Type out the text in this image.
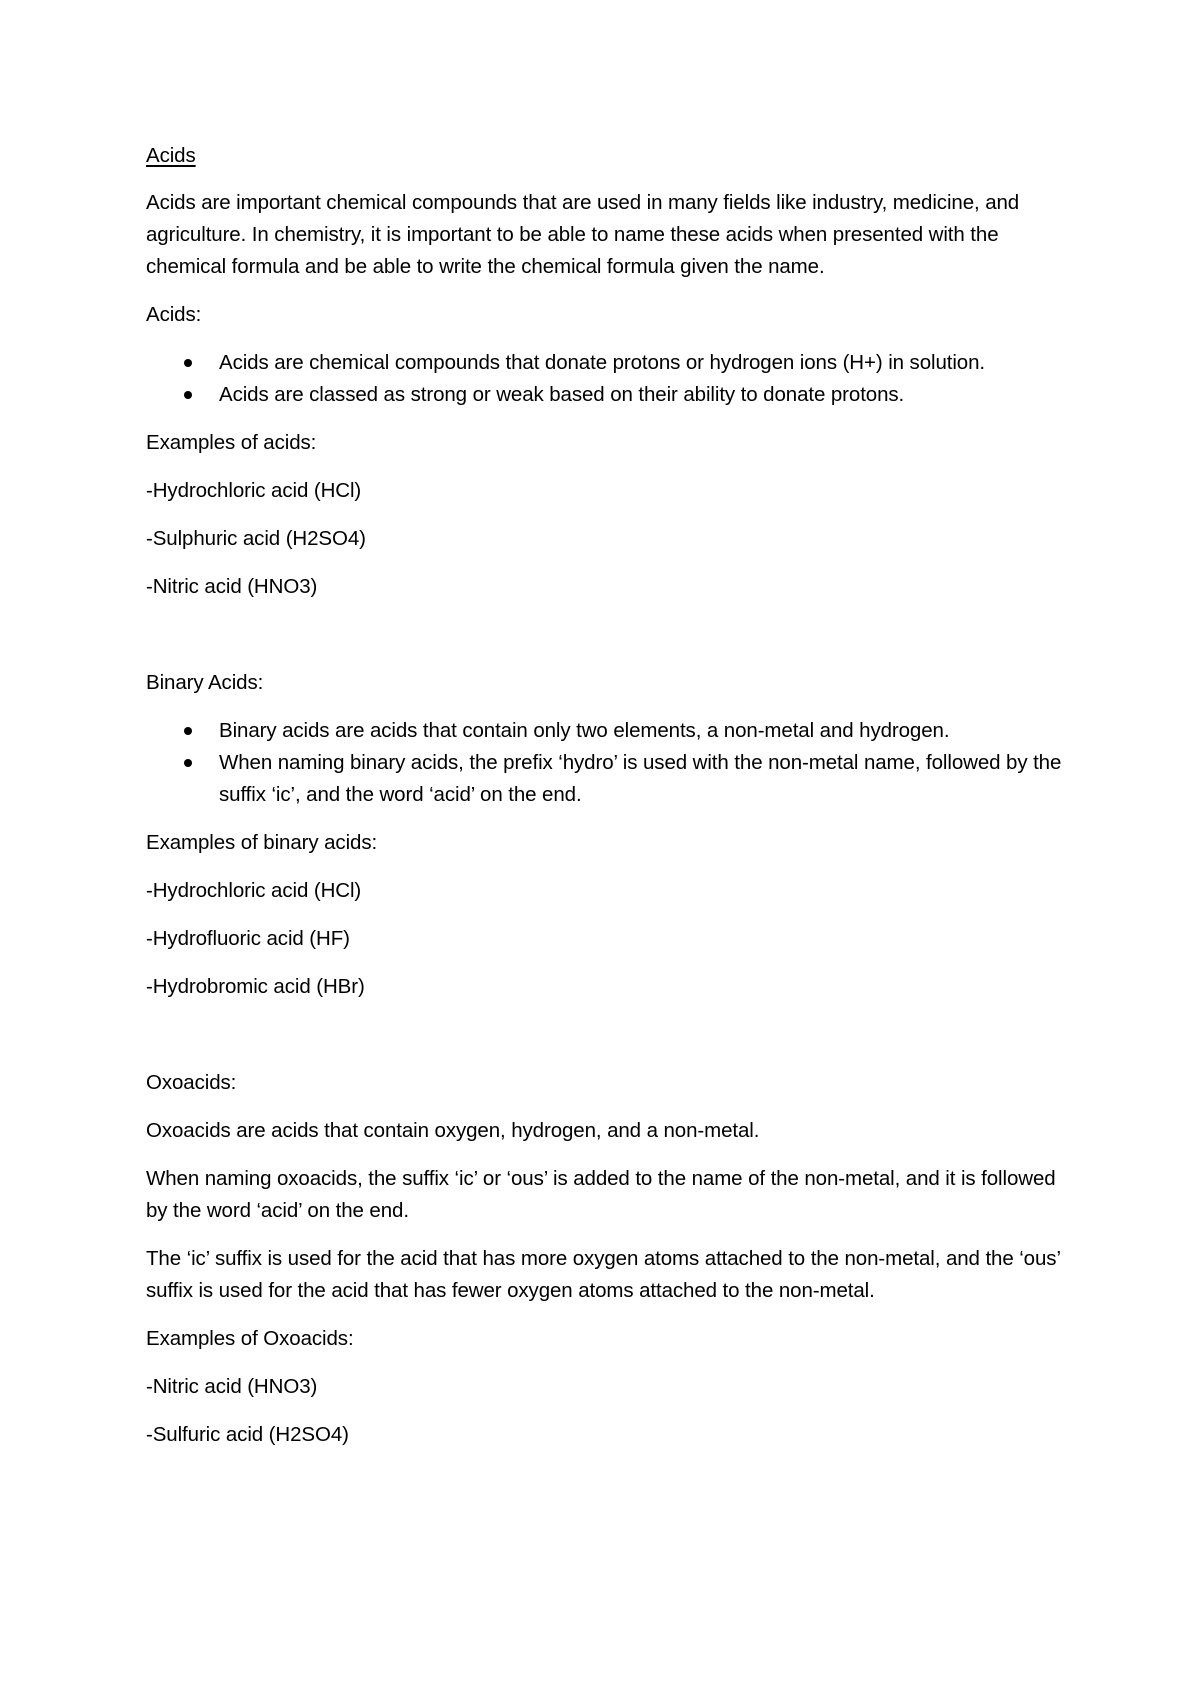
Acids
Acids are important chemical compounds that are used in many fields like industry, medicine, and agriculture. In chemistry, it is important to be able to name these acids when presented with the chemical formula and be able to write the chemical formula given the name.
Acids:
Acids are chemical compounds that donate protons or hydrogen ions (H+) in solution.
Acids are classed as strong or weak based on their ability to donate protons.
Examples of acids:
-Hydrochloric acid (HCl)
-Sulphuric acid (H2SO4)
-Nitric acid (HNO3)
Binary Acids:
Binary acids are acids that contain only two elements, a non-metal and hydrogen.
When naming binary acids, the prefix ‘hydro’ is used with the non-metal name, followed by the suffix ‘ic’, and the word ‘acid’ on the end.
Examples of binary acids:
-Hydrochloric acid (HCl)
-Hydrofluoric acid (HF)
-Hydrobromic acid (HBr)
Oxoacids:
Oxoacids are acids that contain oxygen, hydrogen, and a non-metal.
When naming oxoacids, the suffix ‘ic’ or ‘ous’ is added to the name of the non-metal, and it is followed by the word ‘acid’ on the end.
The ‘ic’ suffix is used for the acid that has more oxygen atoms attached to the non-metal, and the ‘ous’ suffix is used for the acid that has fewer oxygen atoms attached to the non-metal.
Examples of Oxoacids:
-Nitric acid (HNO3)
-Sulfuric acid (H2SO4)
